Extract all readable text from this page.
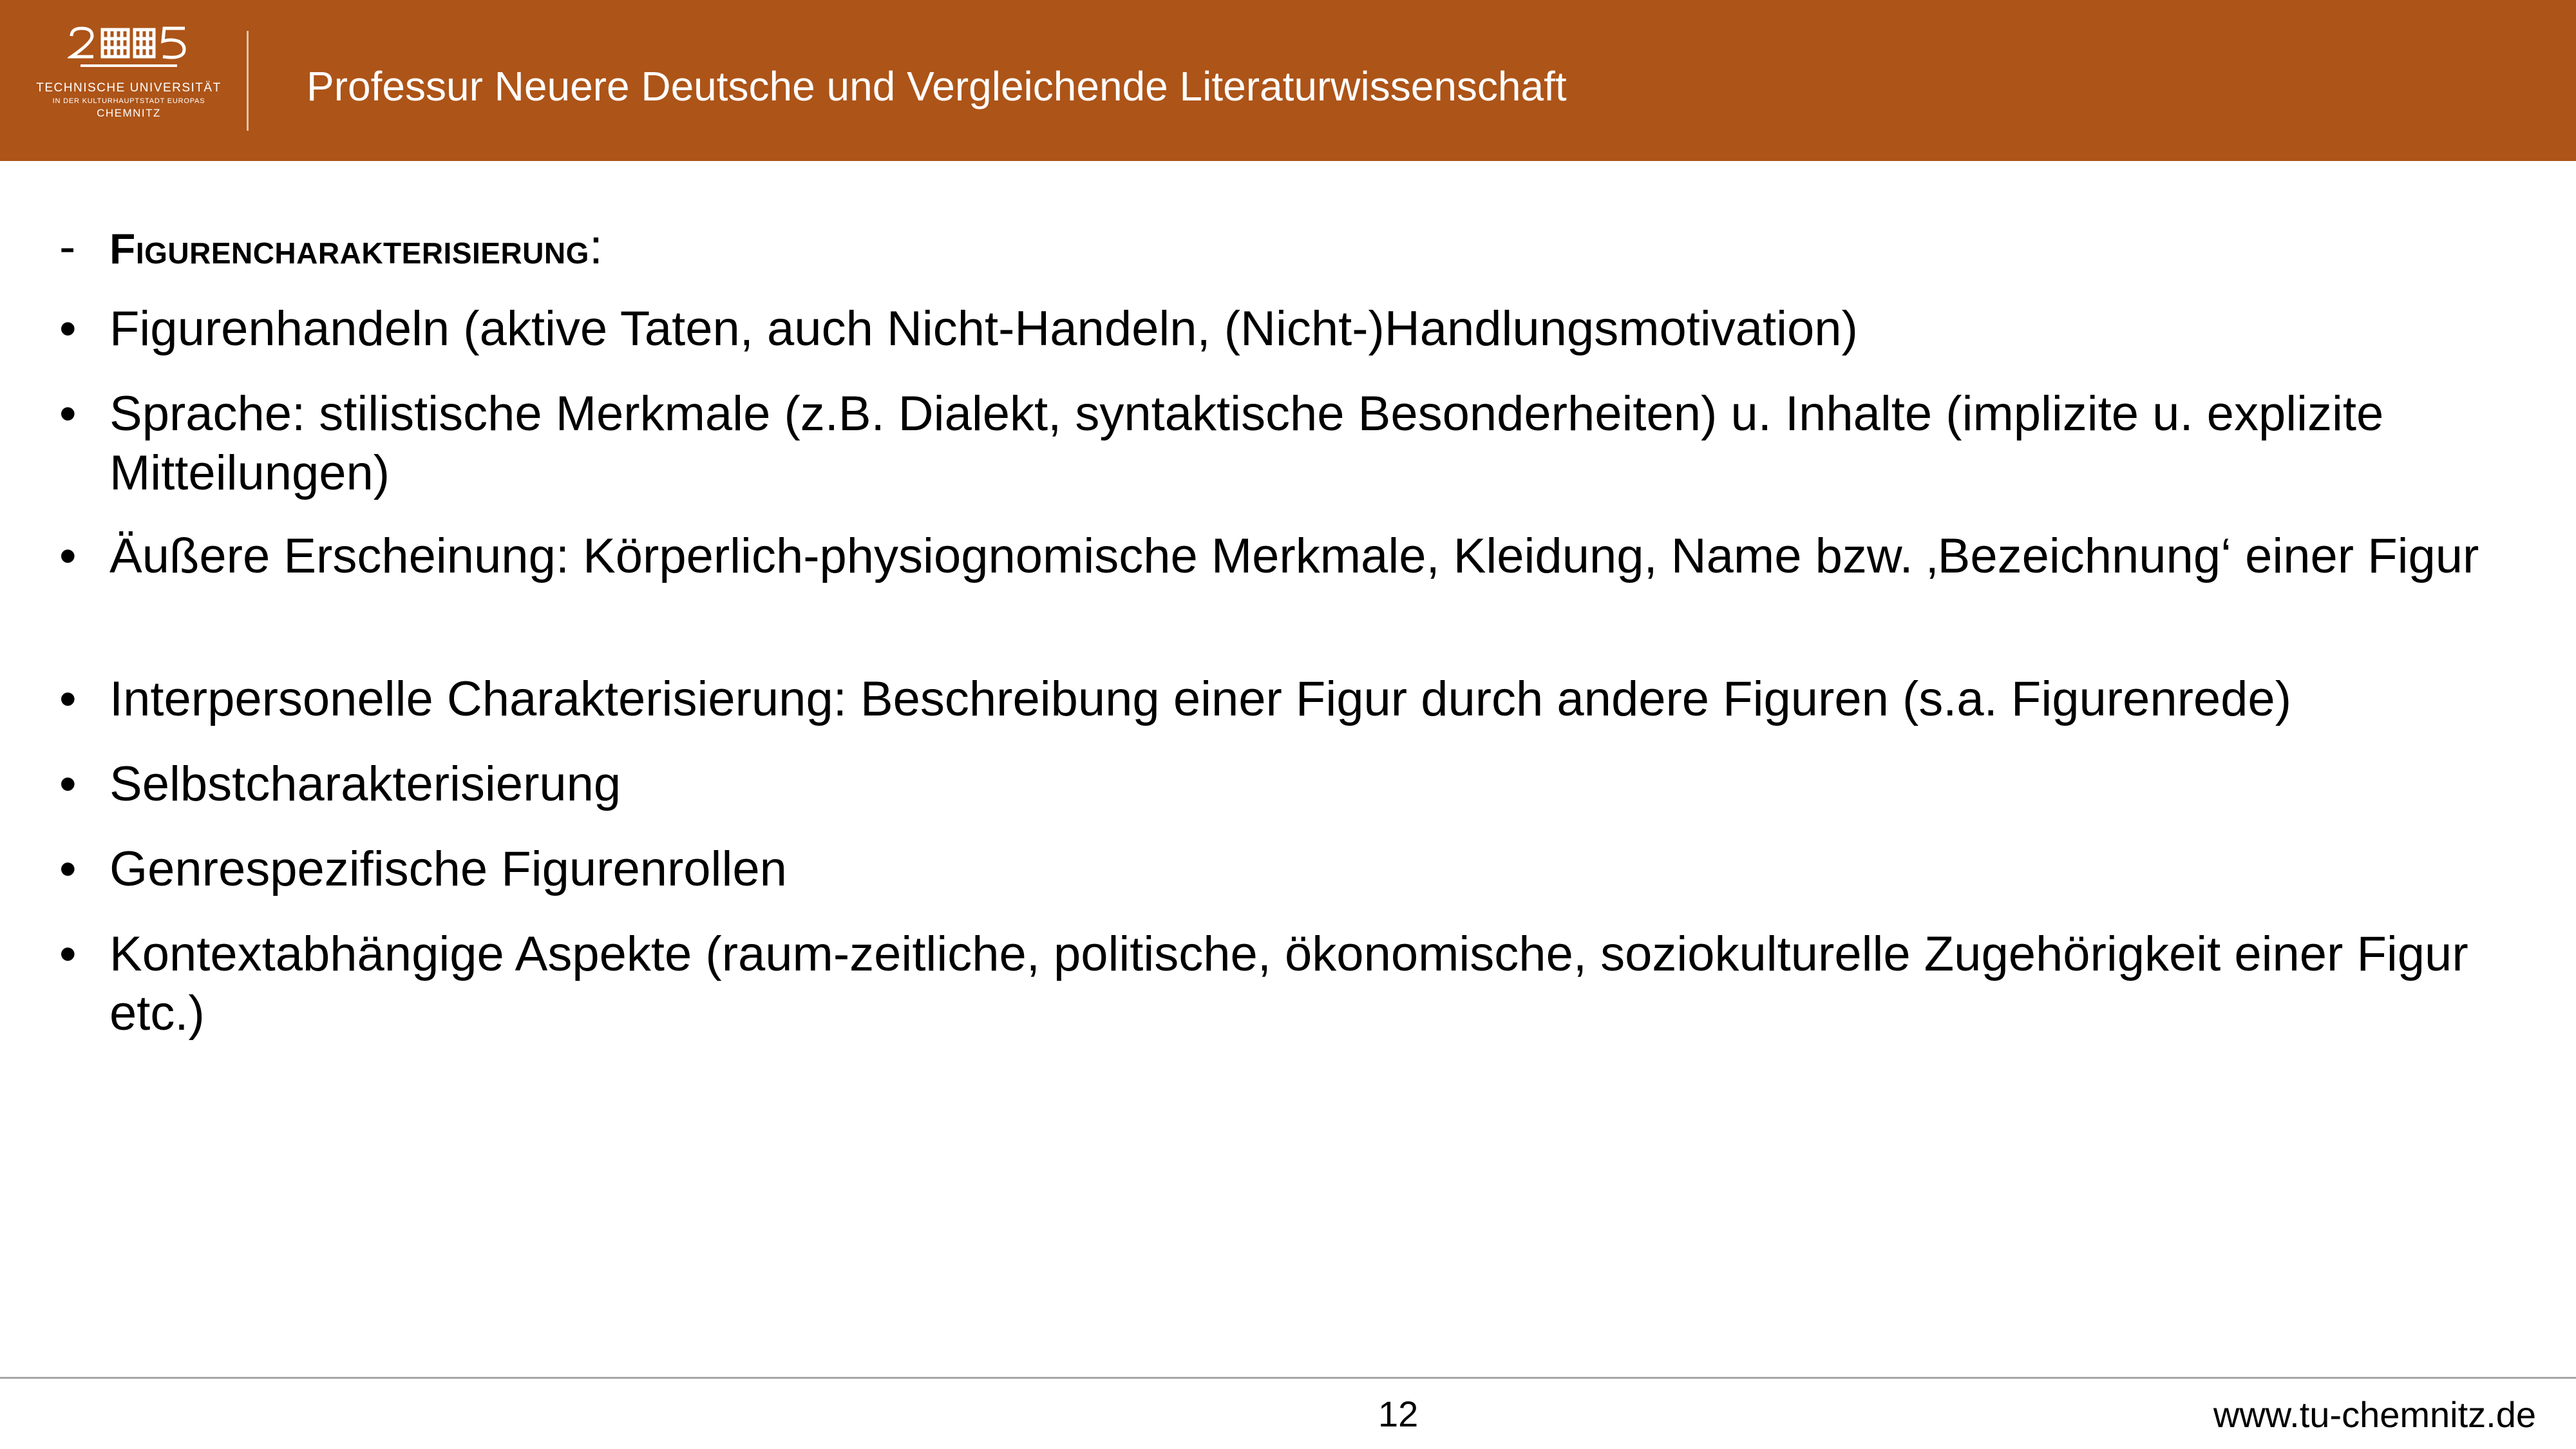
TECHNISCHE UNIVERSITÄT
IN DER KULTURHAUPTSTADT EUROPAS
CHEMNITZ
Professur Neuere Deutsche und Vergleichende Literaturwissenschaft
- Figurencharakterisierung:
• Figurenhandeln (aktive Taten, auch Nicht-Handeln, (Nicht-)Handlungsmotivation)
• Sprache: stilistische Merkmale (z.B. Dialekt, syntaktische Besonderheiten) u. Inhalte (implizite u. explizite Mitteilungen)
• Äußere Erscheinung: Körperlich-physiognomische Merkmale, Kleidung, Name bzw. ‚Bezeichnung‘ einer Figur
• Interpersonelle Charakterisierung: Beschreibung einer Figur durch andere Figuren (s.a. Figurenrede)
• Selbstcharakterisierung
• Genrespezifische Figurenrollen
• Kontextabhängige Aspekte (raum-zeitliche, politische, ökonomische, soziokulturelle Zugehörigkeit einer Figur etc.)
12	www.tu-chemnitz.de
